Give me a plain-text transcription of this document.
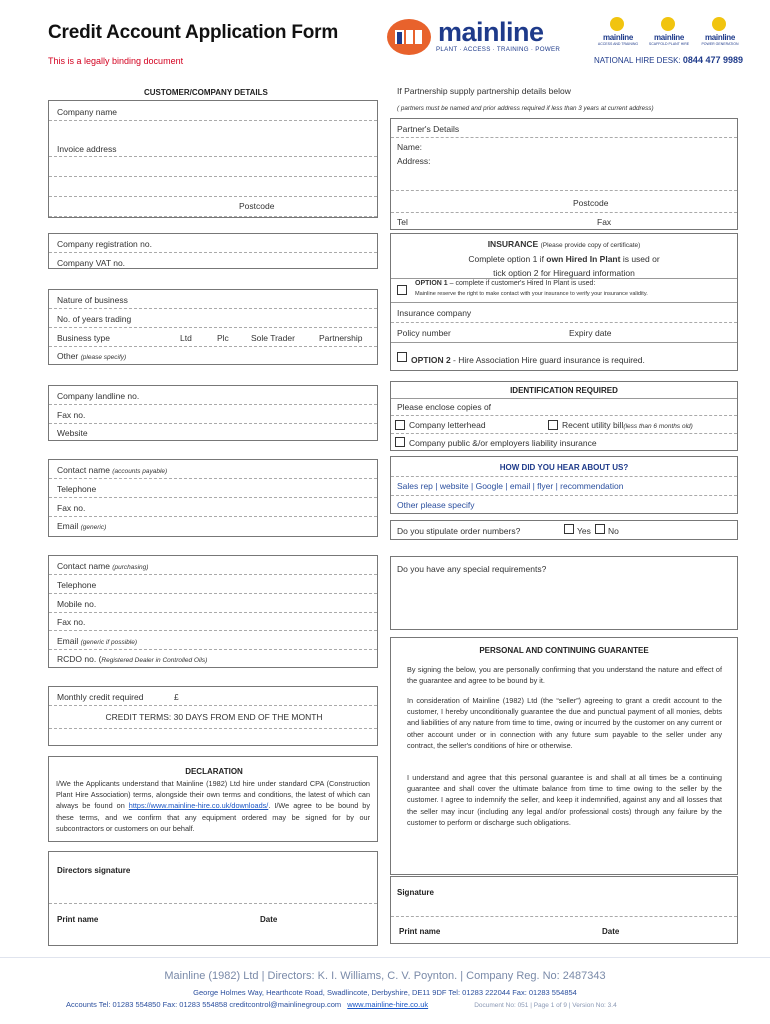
Credit Account Application Form
This is a legally binding document
mainline
PLANT · ACCESS · TRAINING · POWER
mainline
ACCESS AND TRAINING
mainline
SCAFFOLD PLANT HIRE
mainline
POWER GENERATION
NATIONAL HIRE DESK: 0844 477 9989
CUSTOMER/COMPANY DETAILS
Company name
Invoice address
Postcode
Company registration no.
Company VAT no.
Nature of business
No. of years trading
Business type	Ltd	Plc	Sole Trader	Partnership
Other (please specify)
Company landline no.
Fax no.
Website
Contact name (accounts payable)
Telephone
Fax no.
Email (generic)
Contact name (purchasing)
Telephone
Mobile no.
Fax no.
Email (generic if possible)
RCDO no. (Registered Dealer in Controlled Oils)
Monthly credit required	£
CREDIT TERMS: 30 DAYS FROM END OF THE MONTH
DECLARATION
I/We the Applicants understand that Mainline (1982) Ltd hire under standard CPA (Construction Plant Hire Association) terms, alongside their own terms and conditions, the latest of which can always be found on https://www.mainline-hire.co.uk/downloads/. I/We agree to be bound by these terms, and we confirm that any equipment ordered may be signed for by our subcontractors or customers on our behalf.
Directors signature
Print name	Date
If Partnership supply partnership details below
( partners must be named and prior address required if less than 3 years at current address)
Partner's Details
Name:
Address:
Postcode
Tel	Fax
INSURANCE (Please provide copy of certificate)
Complete option 1 if own Hired In Plant is used or
tick option 2 for Hireguard information
OPTION 1 – complete if customer's Hired In Plant is used:
Mainline reserve the right to make contact with your insurance to verify your insurance validity.
Insurance company
Policy number	Expiry date
OPTION 2 - Hire Association Hire guard insurance is required.
IDENTIFICATION REQUIRED
Please enclose copies of
Company letterhead	Recent utility bill(less than 6 months old)
Company public &/or employers liability insurance
HOW DID YOU HEAR ABOUT US?
Sales rep | website | Google | email | flyer | recommendation
Other please specify
Do you stipulate order numbers?	Yes No
Do you have any special requirements?
PERSONAL AND CONTINUING GUARANTEE
By signing the below, you are personally confirming that you understand the nature and effect of the guarantee and agree to be bound by it.
In consideration of Mainline (1982) Ltd (the “seller”) agreeing to grant a credit account to the customer, I hereby unconditionally guarantee the due and punctual payment of all monies, debts and liabilities of any nature from time to time, owing or incurred by the customer on any current or other account under or in connection with any future sum payable to the seller under any contract, the seller's conditions of hire or otherwise.
I understand and agree that this personal guarantee is and shall at all times be a continuing guarantee and shall cover the ultimate balance from time to time owing to the seller by the customer. I agree to indemnify the seller, and keep it indemnified, against any and all losses that the seller may incur (including any legal and/or professional costs) through any failure by the customer to perform or discharge such obligations.
Signature
Print name	Date
Mainline (1982) Ltd | Directors: K. I. Williams, C. V. Poynton. | Company Reg. No: 2487343
George Holmes Way, Hearthcote Road, Swadlincote, Derbyshire, DE11 9DF Tel: 01283 222044 Fax: 01283 554854
Accounts Tel: 01283 554850 Fax: 01283 554858 creditcontrol@mainlinegroup.com www.mainline-hire.co.uk	Document No: 051 | Page 1 of 9 | Version No: 3.4
